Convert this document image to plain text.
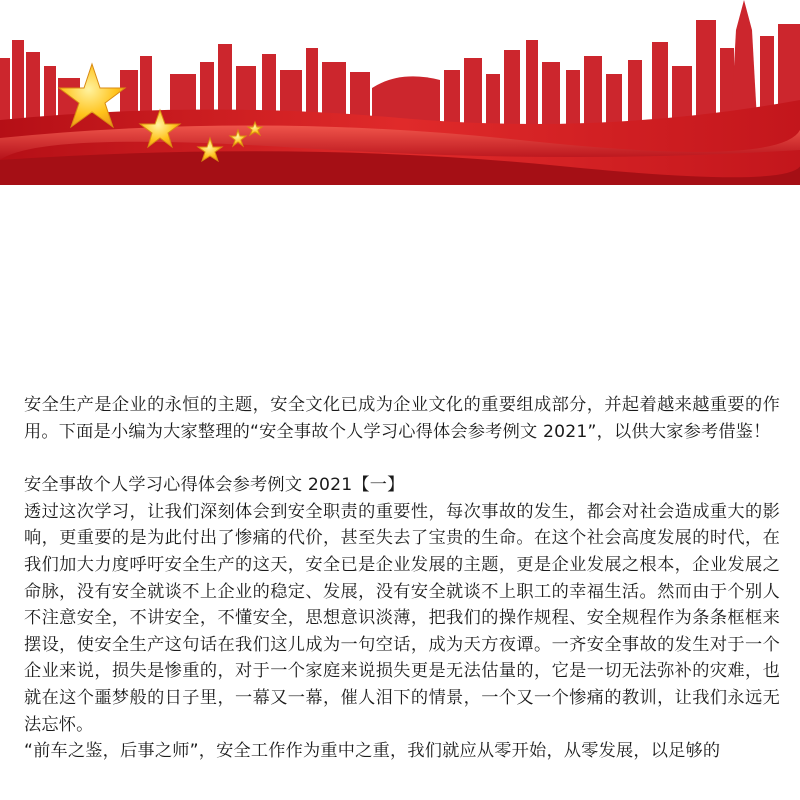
安全生产是企业的永恒的主题，安全文化已成为企业文化的重要组成部分，并起着越来越重要的作用。下面是小编为大家整理的“安全事故个人学习心得体会参考例文 2021”，以供大家参考借鉴！

安全事故个人学习心得体会参考例文 2021【一】

透过这次学习，让我们深刻体会到安全职责的重要性，每次事故的发生，都会对社会造成重大的影响，更重要的是为此付出了惨痛的代价，甚至失去了宝贵的生命。在这个社会高度发展的时代，在我们加大力度呼吁安全生产的这天，安全已是企业发展的主题，更是企业发展之根本，企业发展之命脉，没有安全就谈不上企业的稳定、发展，没有安全就谈不上职工的幸福生活。然而由于个别人不注意安全，不讲安全，不懂安全，思想意识淡薄，把我们的操作规程、安全规程作为条条框框来摆设，使安全生产这句话在我们这儿成为一句空话，成为天方夜谭。一齐安全事故的发生对于一个企业来说，损失是惨重的，对于一个家庭来说损失更是无法估量的，它是一切无法弥补的灾难，也就在这个噩梦般的日子里，一幕又一幕，催人泪下的情景，一个又一个惨痛的教训，让我们永远无法忘怀。

“前车之鉴，后事之师”，安全工作作为重中之重，我们就应从零开始，从零发展，以足够的
